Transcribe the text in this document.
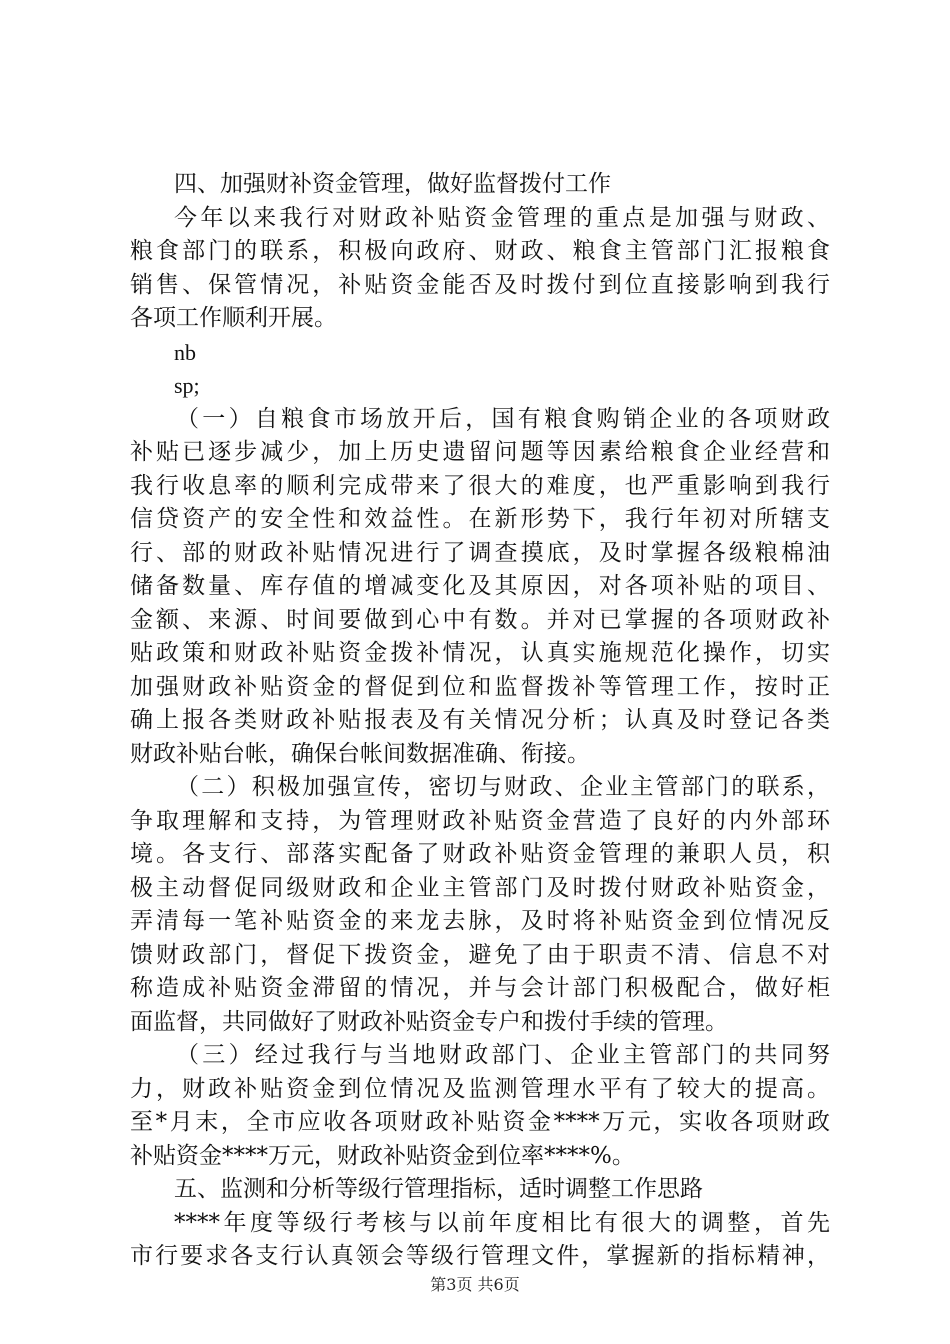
四、加强财补资金管理，做好监督拨付工作
今年以来我行对财政补贴资金管理的重点是加强与财政、
粮食部门的联系，积极向政府、财政、粮食主管部门汇报粮食
销售、保管情况，补贴资金能否及时拨付到位直接影响到我行
各项工作顺利开展。
nb
sp;
（一）自粮食市场放开后，国有粮食购销企业的各项财政
补贴已逐步减少，加上历史遗留问题等因素给粮食企业经营和
我行收息率的顺利完成带来了很大的难度，也严重影响到我行
信贷资产的安全性和效益性。在新形势下，我行年初对所辖支
行、部的财政补贴情况进行了调查摸底，及时掌握各级粮棉油
储备数量、库存值的增减变化及其原因，对各项补贴的项目、
金额、来源、时间要做到心中有数。并对已掌握的各项财政补
贴政策和财政补贴资金拨补情况，认真实施规范化操作，切实
加强财政补贴资金的督促到位和监督拨补等管理工作，按时正
确上报各类财政补贴报表及有关情况分析；认真及时登记各类
财政补贴台帐，确保台帐间数据准确、衔接。
（二）积极加强宣传，密切与财政、企业主管部门的联系，
争取理解和支持，为管理财政补贴资金营造了良好的内外部环
境。各支行、部落实配备了财政补贴资金管理的兼职人员，积
极主动督促同级财政和企业主管部门及时拨付财政补贴资金，
弄清每一笔补贴资金的来龙去脉，及时将补贴资金到位情况反
馈财政部门，督促下拨资金，避免了由于职责不清、信息不对
称造成补贴资金滞留的情况，并与会计部门积极配合，做好柜
面监督，共同做好了财政补贴资金专户和拨付手续的管理。
（三）经过我行与当地财政部门、企业主管部门的共同努
力，财政补贴资金到位情况及监测管理水平有了较大的提高。
至*月末，全市应收各项财政补贴资金****万元，实收各项财政
补贴资金****万元，财政补贴资金到位率****%。
五、监测和分析等级行管理指标，适时调整工作思路
****年度等级行考核与以前年度相比有很大的调整，首先
市行要求各支行认真领会等级行管理文件，掌握新的指标精神，
第3页 共6页
